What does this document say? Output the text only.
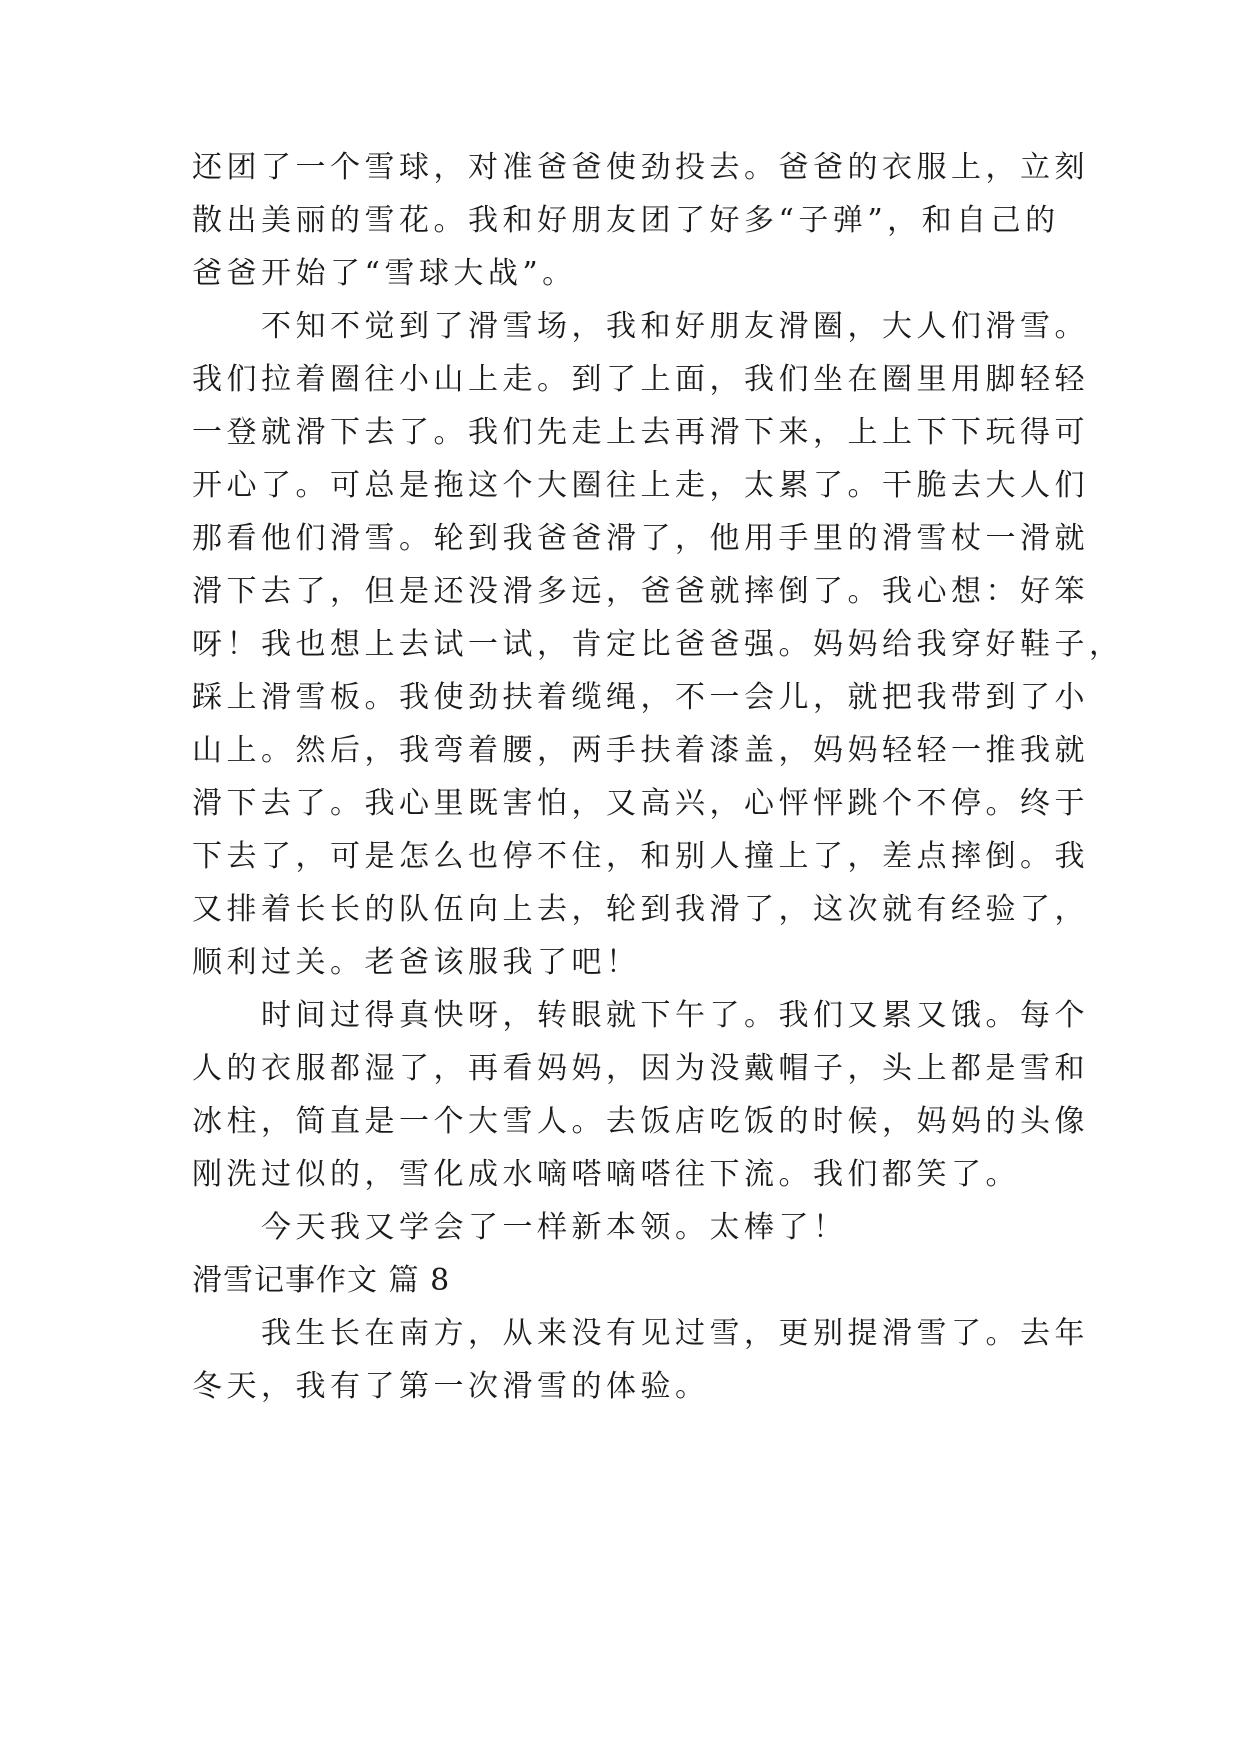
还团了一个雪球，对准爸爸使劲投去。爸爸的衣服上，立刻
散出美丽的雪花。我和好朋友团了好多“子弹”，和自己的
爸爸开始了“雪球大战”。
　　不知不觉到了滑雪场，我和好朋友滑圈，大人们滑雪。
我们拉着圈往小山上走。到了上面，我们坐在圈里用脚轻轻
一登就滑下去了。我们先走上去再滑下来，上上下下玩得可
开心了。可总是拖这个大圈往上走，太累了。干脆去大人们
那看他们滑雪。轮到我爸爸滑了，他用手里的滑雪杖一滑就
滑下去了，但是还没滑多远，爸爸就摔倒了。我心想：好笨
呀！我也想上去试一试，肯定比爸爸强。妈妈给我穿好鞋子，
踩上滑雪板。我使劲扶着缆绳，不一会儿，就把我带到了小
山上。然后，我弯着腰，两手扶着漆盖，妈妈轻轻一推我就
滑下去了。我心里既害怕，又高兴，心怦怦跳个不停。终于
下去了，可是怎么也停不住，和别人撞上了，差点摔倒。我
又排着长长的队伍向上去，轮到我滑了，这次就有经验了，
顺利过关。老爸该服我了吧！
　　时间过得真快呀，转眼就下午了。我们又累又饿。每个
人的衣服都湿了，再看妈妈，因为没戴帽子，头上都是雪和
冰柱，简直是一个大雪人。去饭店吃饭的时候，妈妈的头像
刚洗过似的，雪化成水嘀嗒嘀嗒往下流。我们都笑了。
　　今天我又学会了一样新本领。太棒了！
滑雪记事作文 篇 8
　　我生长在南方，从来没有见过雪，更别提滑雪了。去年
冬天，我有了第一次滑雪的体验。
